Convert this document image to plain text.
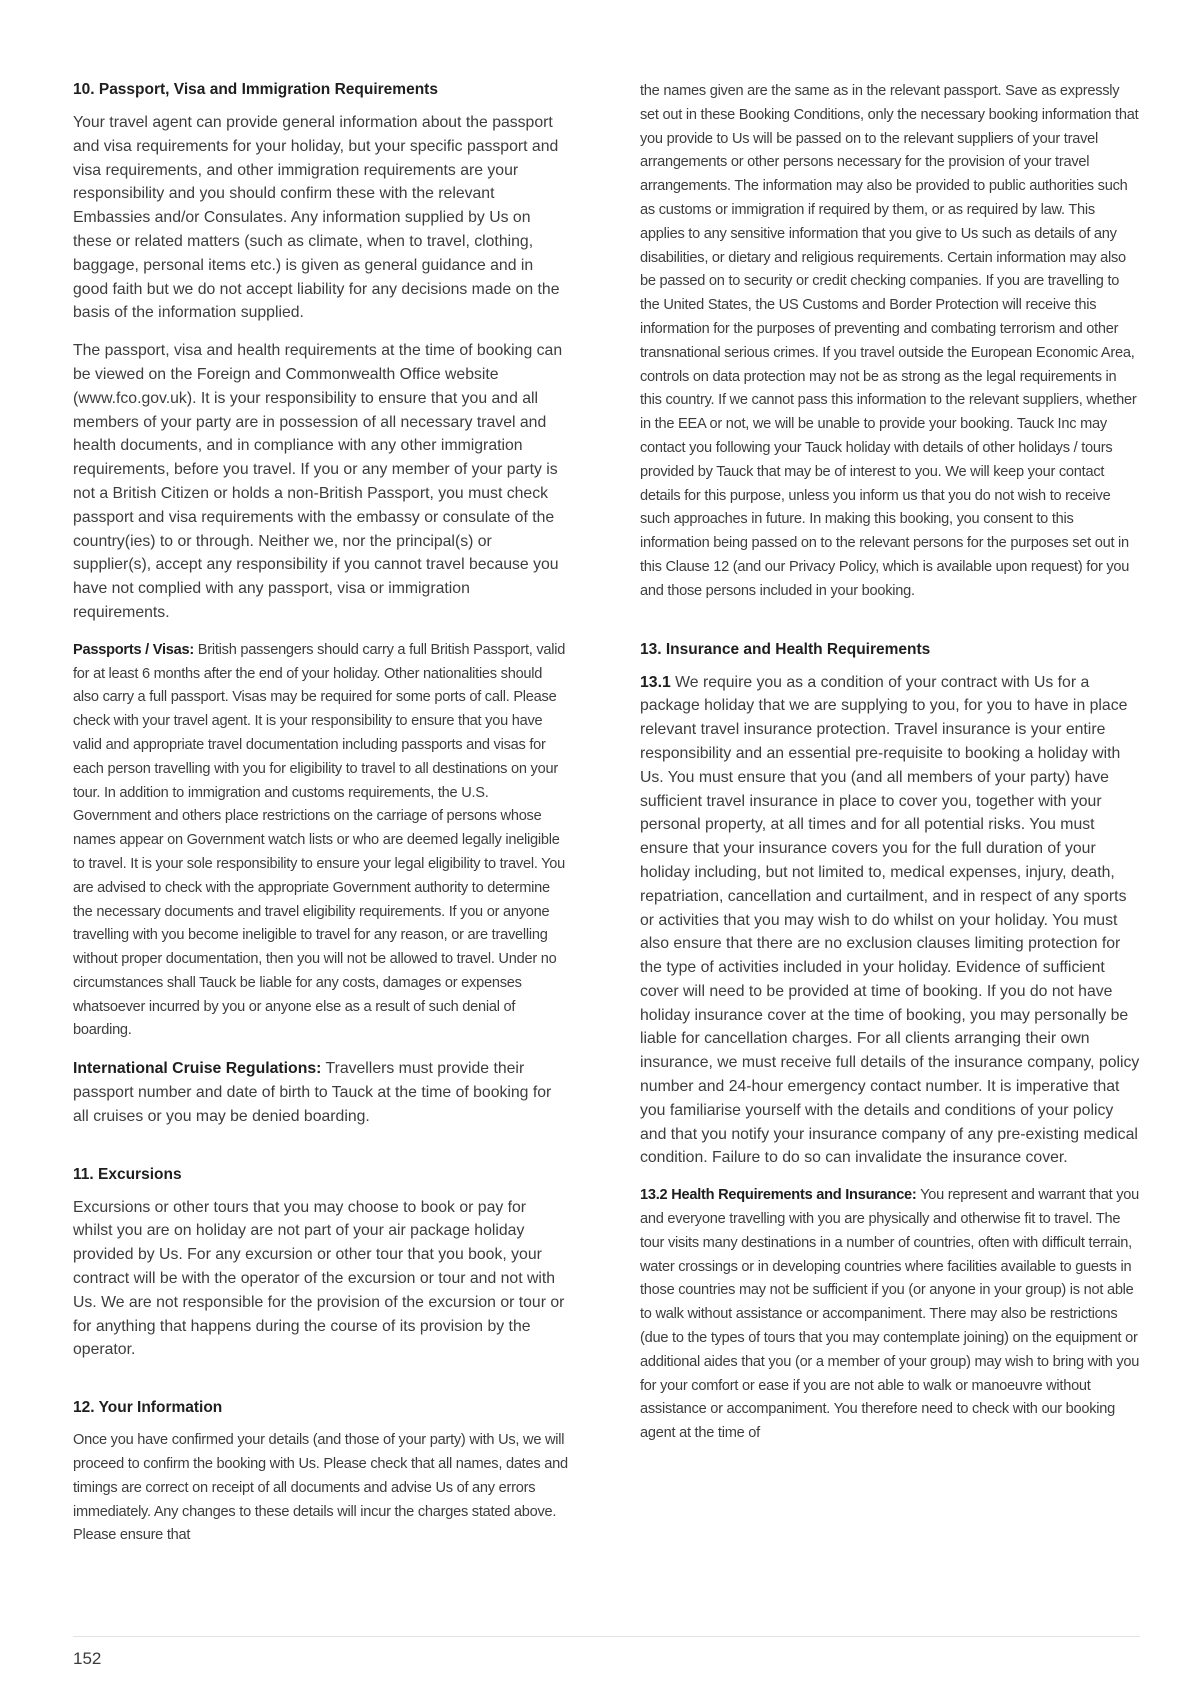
10. Passport, Visa and Immigration Requirements

Your travel agent can provide general information about the passport and visa requirements for your holiday, but your specific passport and visa requirements, and other immigration requirements are your responsibility and you should confirm these with the relevant Embassies and/or Consulates. Any information supplied by Us on these or related matters (such as climate, when to travel, clothing, baggage, personal items etc.) is given as general guidance and in good faith but we do not accept liability for any decisions made on the basis of the information supplied.

The passport, visa and health requirements at the time of booking can be viewed on the Foreign and Commonwealth Office website (www.fco.gov.uk). It is your responsibility to ensure that you and all members of your party are in possession of all necessary travel and health documents, and in compliance with any other immigration requirements, before you travel. If you or any member of your party is not a British Citizen or holds a non-British Passport, you must check passport and visa requirements with the embassy or consulate of the country(ies) to or through. Neither we, nor the principal(s) or supplier(s), accept any responsibility if you cannot travel because you have not complied with any passport, visa or immigration requirements.

Passports / Visas: British passengers should carry a full British Passport, valid for at least 6 months after the end of your holiday. Other nationalities should also carry a full passport. Visas may be required for some ports of call. Please check with your travel agent. It is your responsibility to ensure that you have valid and appropriate travel documentation including passports and visas for each person travelling with you for eligibility to travel to all destinations on your tour. In addition to immigration and customs requirements, the U.S. Government and others place restrictions on the carriage of persons whose names appear on Government watch lists or who are deemed legally ineligible to travel. It is your sole responsibility to ensure your legal eligibility to travel. You are advised to check with the appropriate Government authority to determine the necessary documents and travel eligibility requirements. If you or anyone travelling with you become ineligible to travel for any reason, or are travelling without proper documentation, then you will not be allowed to travel. Under no circumstances shall Tauck be liable for any costs, damages or expenses whatsoever incurred by you or anyone else as a result of such denial of boarding.

International Cruise Regulations: Travellers must provide their passport number and date of birth to Tauck at the time of booking for all cruises or you may be denied boarding.

11. Excursions

Excursions or other tours that you may choose to book or pay for whilst you are on holiday are not part of your air package holiday provided by Us. For any excursion or other tour that you book, your contract will be with the operator of the excursion or tour and not with Us. We are not responsible for the provision of the excursion or tour or for anything that happens during the course of its provision by the operator.

12. Your Information

Once you have confirmed your details (and those of your party) with Us, we will proceed to confirm the booking with Us. Please check that all names, dates and timings are correct on receipt of all documents and advise Us of any errors immediately. Any changes to these details will incur the charges stated above. Please ensure that

the names given are the same as in the relevant passport. Save as expressly set out in these Booking Conditions, only the necessary booking information that you provide to Us will be passed on to the relevant suppliers of your travel arrangements or other persons necessary for the provision of your travel arrangements. The information may also be provided to public authorities such as customs or immigration if required by them, or as required by law. This applies to any sensitive information that you give to Us such as details of any disabilities, or dietary and religious requirements. Certain information may also be passed on to security or credit checking companies. If you are travelling to the United States, the US Customs and Border Protection will receive this information for the purposes of preventing and combating terrorism and other transnational serious crimes. If you travel outside the European Economic Area, controls on data protection may not be as strong as the legal requirements in this country. If we cannot pass this information to the relevant suppliers, whether in the EEA or not, we will be unable to provide your booking. Tauck Inc may contact you following your Tauck holiday with details of other holidays / tours provided by Tauck that may be of interest to you. We will keep your contact details for this purpose, unless you inform us that you do not wish to receive such approaches in future. In making this booking, you consent to this information being passed on to the relevant persons for the purposes set out in this Clause 12 (and our Privacy Policy, which is available upon request) for you and those persons included in your booking.

13. Insurance and Health Requirements

13.1 We require you as a condition of your contract with Us for a package holiday that we are supplying to you, for you to have in place relevant travel insurance protection. Travel insurance is your entire responsibility and an essential pre-requisite to booking a holiday with Us. You must ensure that you (and all members of your party) have sufficient travel insurance in place to cover you, together with your personal property, at all times and for all potential risks. You must ensure that your insurance covers you for the full duration of your holiday including, but not limited to, medical expenses, injury, death, repatriation, cancellation and curtailment, and in respect of any sports or activities that you may wish to do whilst on your holiday. You must also ensure that there are no exclusion clauses limiting protection for the type of activities included in your holiday. Evidence of sufficient cover will need to be provided at time of booking. If you do not have holiday insurance cover at the time of booking, you may personally be liable for cancellation charges. For all clients arranging their own insurance, we must receive full details of the insurance company, policy number and 24-hour emergency contact number. It is imperative that you familiarise yourself with the details and conditions of your policy and that you notify your insurance company of any pre-existing medical condition. Failure to do so can invalidate the insurance cover.

13.2 Health Requirements and Insurance: You represent and warrant that you and everyone travelling with you are physically and otherwise fit to travel. The tour visits many destinations in a number of countries, often with difficult terrain, water crossings or in developing countries where facilities available to guests in those countries may not be sufficient if you (or anyone in your group) is not able to walk without assistance or accompaniment. There may also be restrictions (due to the types of tours that you may contemplate joining) on the equipment or additional aides that you (or a member of your group) may wish to bring with you for your comfort or ease if you are not able to walk or manoeuvre without assistance or accompaniment. You therefore need to check with our booking agent at the time of

152
